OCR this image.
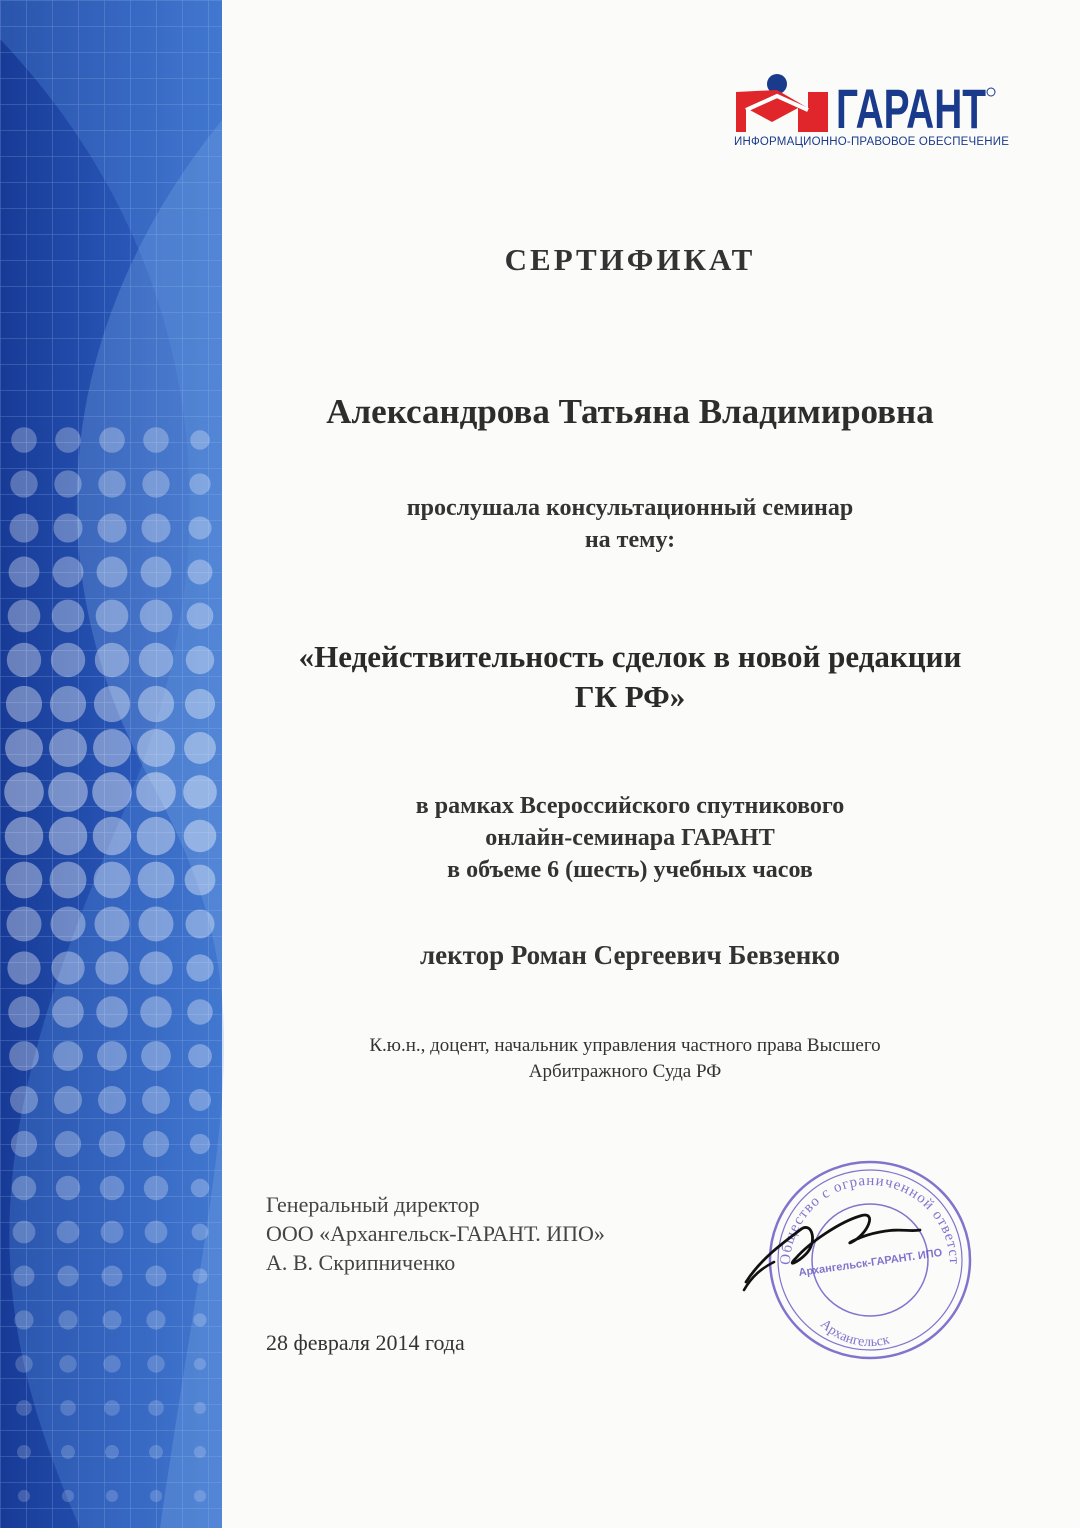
ГАРАНТ
ИНФОРМАЦИОННО-ПРАВОВОЕ ОБЕСПЕЧЕНИЕ
СЕРТИФИКАТ
Александрова Татьяна Владимировна
прослушала консультационный семинар
на тему:
«Недействительность сделок в новой редакции
ГК РФ»
в рамках Всероссийского спутникового
онлайн-семинара ГАРАНТ
в объеме 6 (шесть) учебных часов
лектор Роман Сергеевич Бевзенко
К.ю.н., доцент, начальник управления частного права Высшего
Арбитражного Суда РФ
Генеральный директор
ООО «Архангельск-ГАРАНТ. ИПО»
А. В. Скрипниченко
28 февраля 2014 года
Общество с ограниченной ответст
Архангельск
Архангельск-ГАРАНТ. ИПО
